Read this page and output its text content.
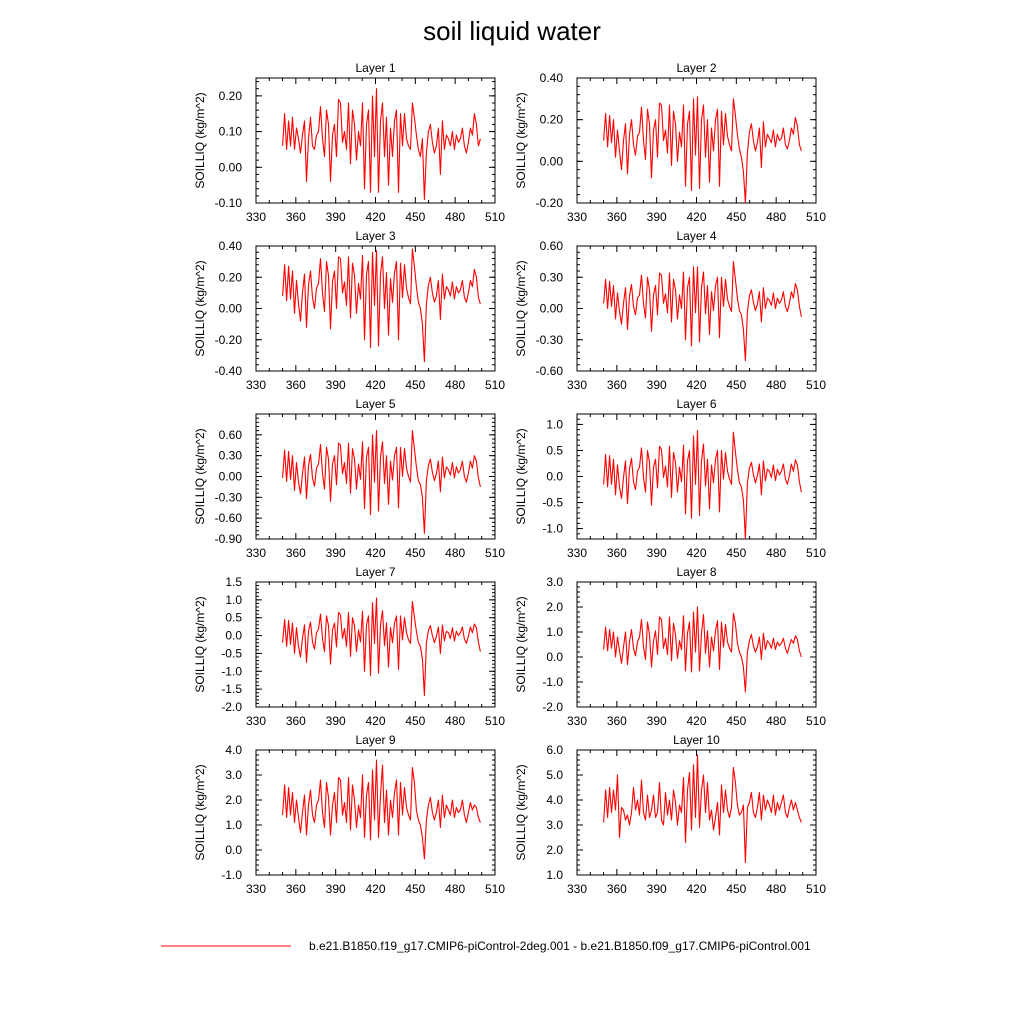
soil liquid water
Layer 1
330 360 390 420 450 480 510
-0.10
0.00
0.10
0.20
SOILLIQ (kg/m^2)
Layer 2
330 360 390 420 450 480 510
-0.20
0.00
0.20
0.40
SOILLIQ (kg/m^2)
Layer 3
330 360 390 420 450 480 510
-0.40
-0.20
0.00
0.20
0.40
SOILLIQ (kg/m^2)
Layer 4
330 360 390 420 450 480 510
-0.60
-0.30
0.00
0.30
0.60
SOILLIQ (kg/m^2)
Layer 5
330 360 390 420 450 480 510
-0.90
-0.60
-0.30
0.00
0.30
0.60
SOILLIQ (kg/m^2)
Layer 6
330 360 390 420 450 480 510
-1.0
-0.5
0.0
0.5
1.0
SOILLIQ (kg/m^2)
Layer 7
330 360 390 420 450 480 510
-2.0
-1.5
-1.0
-0.5
0.0
0.5
1.0
1.5
SOILLIQ (kg/m^2)
Layer 8
330 360 390 420 450 480 510
-2.0
-1.0
0.0
1.0
2.0
3.0
SOILLIQ (kg/m^2)
Layer 9
330 360 390 420 450 480 510
-1.0
0.0
1.0
2.0
3.0
4.0
SOILLIQ (kg/m^2)
Layer 10
330 360 390 420 450 480 510
1.0
2.0
3.0
4.0
5.0
6.0
SOILLIQ (kg/m^2)
b.e21.B1850.f19_g17.CMIP6-piControl-2deg.001 - b.e21.B1850.f09_g17.CMIP6-piControl.001
